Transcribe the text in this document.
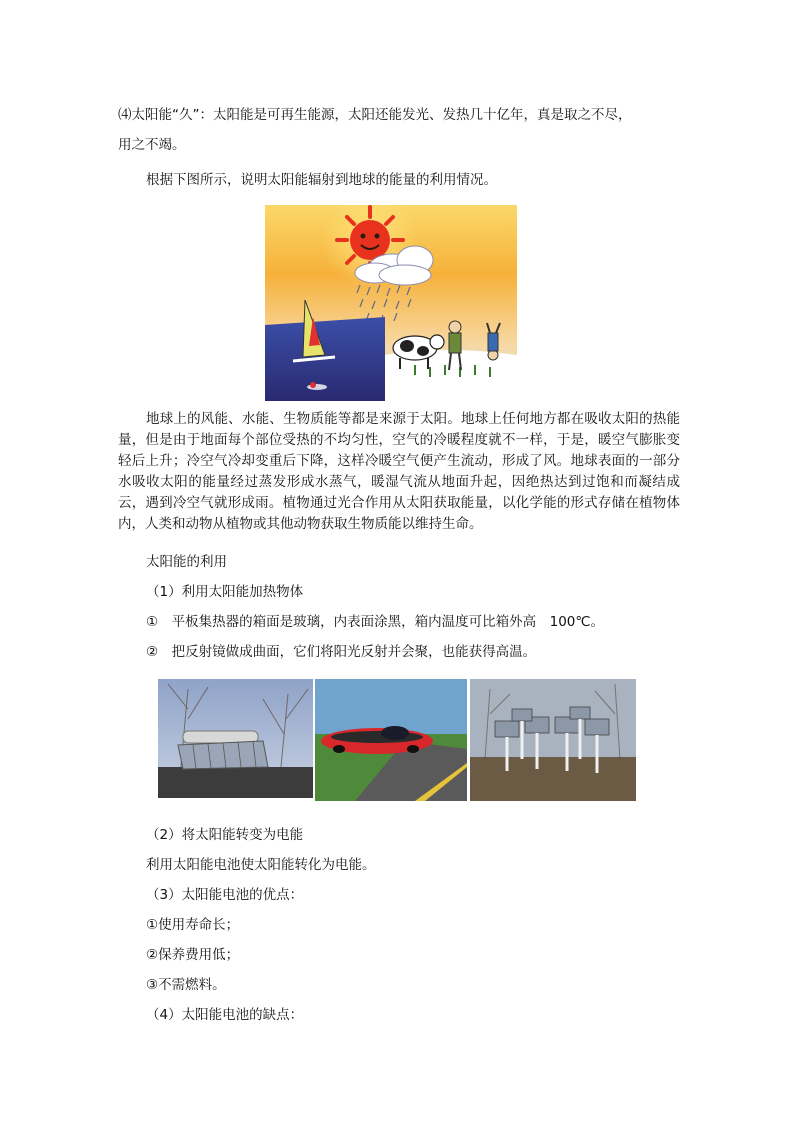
⑷太阳能“久”：太阳能是可再生能源，太阳还能发光、发热几十亿年，真是取之不尽，
用之不竭。
根据下图所示，说明太阳能辐射到地球的能量的利用情况。
地球上的风能、水能、生物质能等都是来源于太阳。地球上任何地方都在吸收太阳的热能量，但是由于地面每个部位受热的不均匀性，空气的冷暖程度就不一样，于是，暖空气膨胀变轻后上升；冷空气冷却变重后下降，这样冷暖空气便产生流动，形成了风。地球表面的一部分水吸收太阳的能量经过蒸发形成水蒸气，暖湿气流从地面升起，因绝热达到过饱和而凝结成云，遇到冷空气就形成雨。植物通过光合作用从太阳获取能量，以化学能的形式存储在植物体内，人类和动物从植物或其他动物获取生物质能以维持生命。
太阳能的利用
（1）利用太阳能加热物体
①　平板集热器的箱面是玻璃，内表面涂黑，箱内温度可比箱外高　100℃。
②　把反射镜做成曲面，它们将阳光反射并会聚，也能获得高温。
（2）将太阳能转变为电能
利用太阳能电池使太阳能转化为电能。
（3）太阳能电池的优点：
①使用寿命长；
②保养费用低；
③不需燃料。
（4）太阳能电池的缺点：
